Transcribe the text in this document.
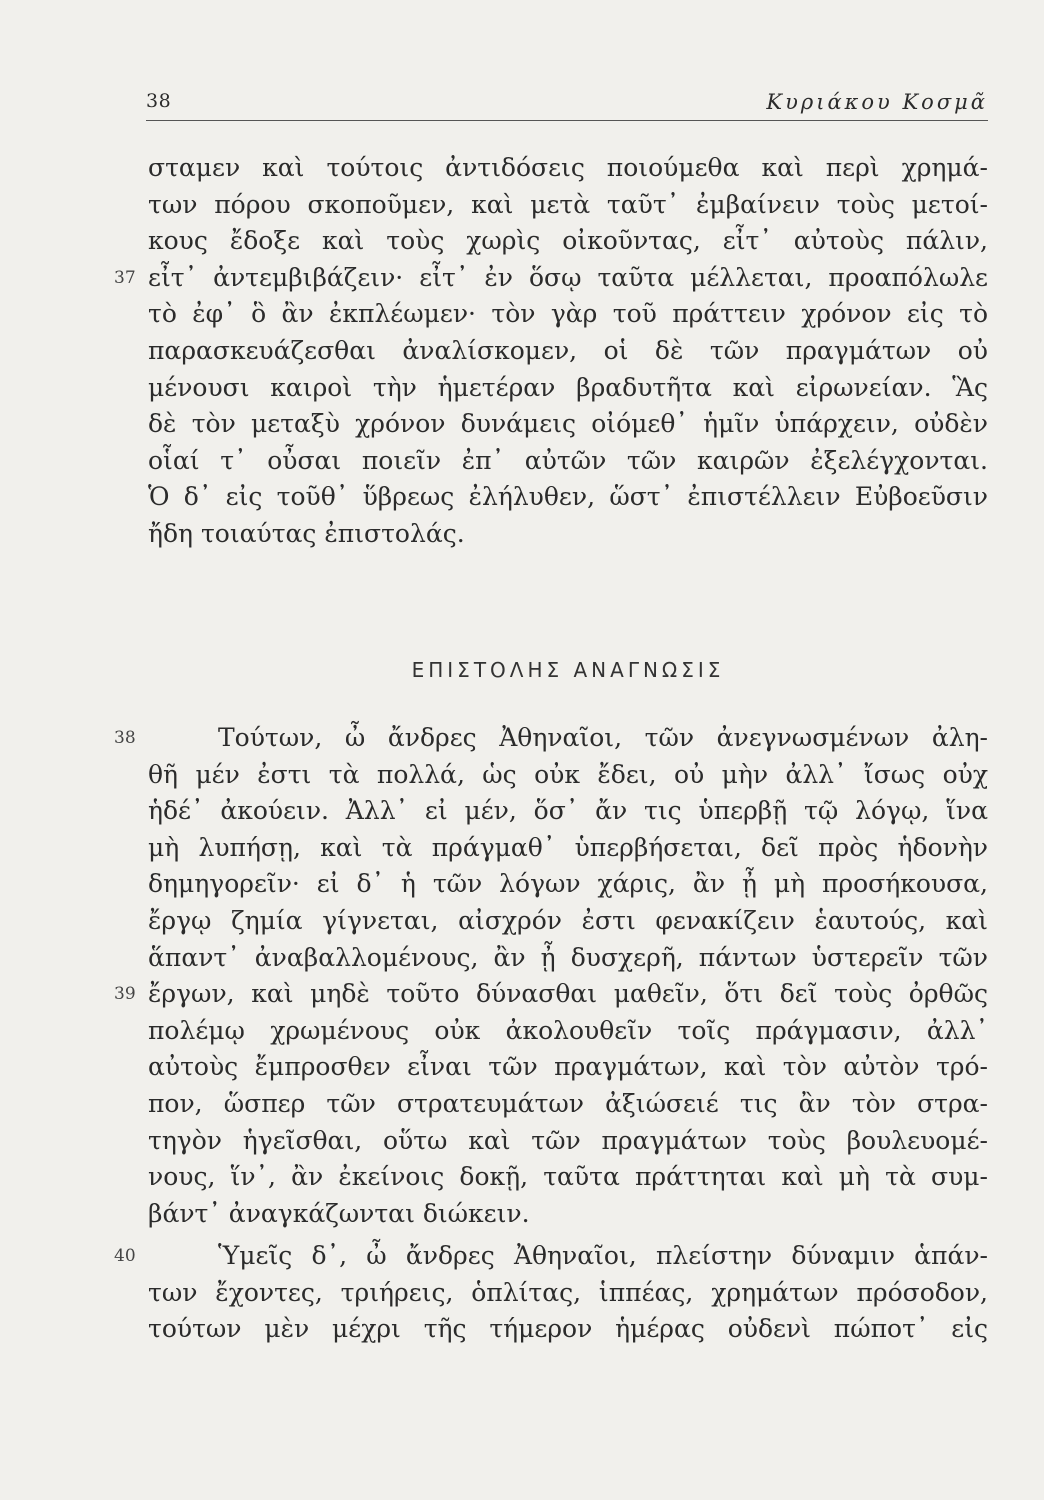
38	Κυριάκου Κοσμᾶ
σταμεν καὶ τούτοις ἀντιδόσεις ποιούμεθα καὶ περὶ χρημά-
των πόρου σκοποῦμεν, καὶ μετὰ ταῦτ᾽ ἐμβαίνειν τοὺς μετοί-
κους ἔδοξε καὶ τοὺς χωρὶς οἰκοῦντας, εἶτ᾽ αὐτοὺς πάλιν,
37 εἶτ᾽ ἀντεμβιβάζειν· εἶτ᾽ ἐν ὅσῳ ταῦτα μέλλεται, προαπόλωλε
τὸ ἐφ᾽ ὃ ἂν ἐκπλέωμεν· τὸν γὰρ τοῦ πράττειν χρόνον εἰς τὸ
παρασκευάζεσθαι ἀναλίσκομεν, οἱ δὲ τῶν πραγμάτων οὐ
μένουσι καιροὶ τὴν ἡμετέραν βραδυτῆτα καὶ εἰρωνείαν. Ἃς
δὲ τὸν μεταξὺ χρόνον δυνάμεις οἰόμεθ᾽ ἡμῖν ὑπάρχειν, οὐδὲν
οἷαί τ᾽ οὖσαι ποιεῖν ἐπ᾽ αὐτῶν τῶν καιρῶν ἐξελέγχονται.
Ὁ δ᾽ εἰς τοῦθ᾽ ὕβρεως ἐλήλυθεν, ὥστ᾽ ἐπιστέλλειν Εὐβοεῦσιν
ἤδη τοιαύτας ἐπιστολάς.
ΕΠΙΣΤΟΛΗΣ ΑΝΑΓΝΩΣΙΣ
38	Τούτων, ὦ ἄνδρες Ἀθηναῖοι, τῶν ἀνεγνωσμένων ἀλη-
θῆ μέν ἐστι τὰ πολλά, ὡς οὐκ ἔδει, οὐ μὴν ἀλλ᾽ ἴσως οὐχ
ἡδέ᾽ ἀκούειν. Ἀλλ᾽ εἰ μέν, ὅσ᾽ ἄν τις ὑπερβῇ τῷ λόγῳ, ἵνα
μὴ λυπήσῃ, καὶ τὰ πράγμαθ᾽ ὑπερβήσεται, δεῖ πρὸς ἡδονὴν
δημηγορεῖν· εἰ δ᾽ ἡ τῶν λόγων χάρις, ἂν ᾖ μὴ προσήκουσα,
ἔργῳ ζημία γίγνεται, αἰσχρόν ἐστι φενακίζειν ἑαυτούς, καὶ
ἅπαντ᾽ ἀναβαλλομένους, ἂν ᾖ δυσχερῆ, πάντων ὑστερεῖν τῶν
39 ἔργων, καὶ μηδὲ τοῦτο δύνασθαι μαθεῖν, ὅτι δεῖ τοὺς ὀρθῶς
πολέμῳ χρωμένους οὐκ ἀκολουθεῖν τοῖς πράγμασιν, ἀλλ᾽
αὐτοὺς ἔμπροσθεν εἶναι τῶν πραγμάτων, καὶ τὸν αὐτὸν τρό-
πον, ὥσπερ τῶν στρατευμάτων ἀξιώσειέ τις ἂν τὸν στρα-
τηγὸν ἡγεῖσθαι, οὕτω καὶ τῶν πραγμάτων τοὺς βουλευομέ-
νους, ἵν᾽, ἂν ἐκείνοις δοκῇ, ταῦτα πράττηται καὶ μὴ τὰ συμ-
βάντ᾽ ἀναγκάζωνται διώκειν.
40	Ὑμεῖς δ᾽, ὦ ἄνδρες Ἀθηναῖοι, πλείστην δύναμιν ἁπάν-
των ἔχοντες, τριήρεις, ὁπλίτας, ἱππέας, χρημάτων πρόσοδον,
τούτων μὲν μέχρι τῆς τήμερον ἡμέρας οὐδενὶ πώποτ᾽ εἰς
